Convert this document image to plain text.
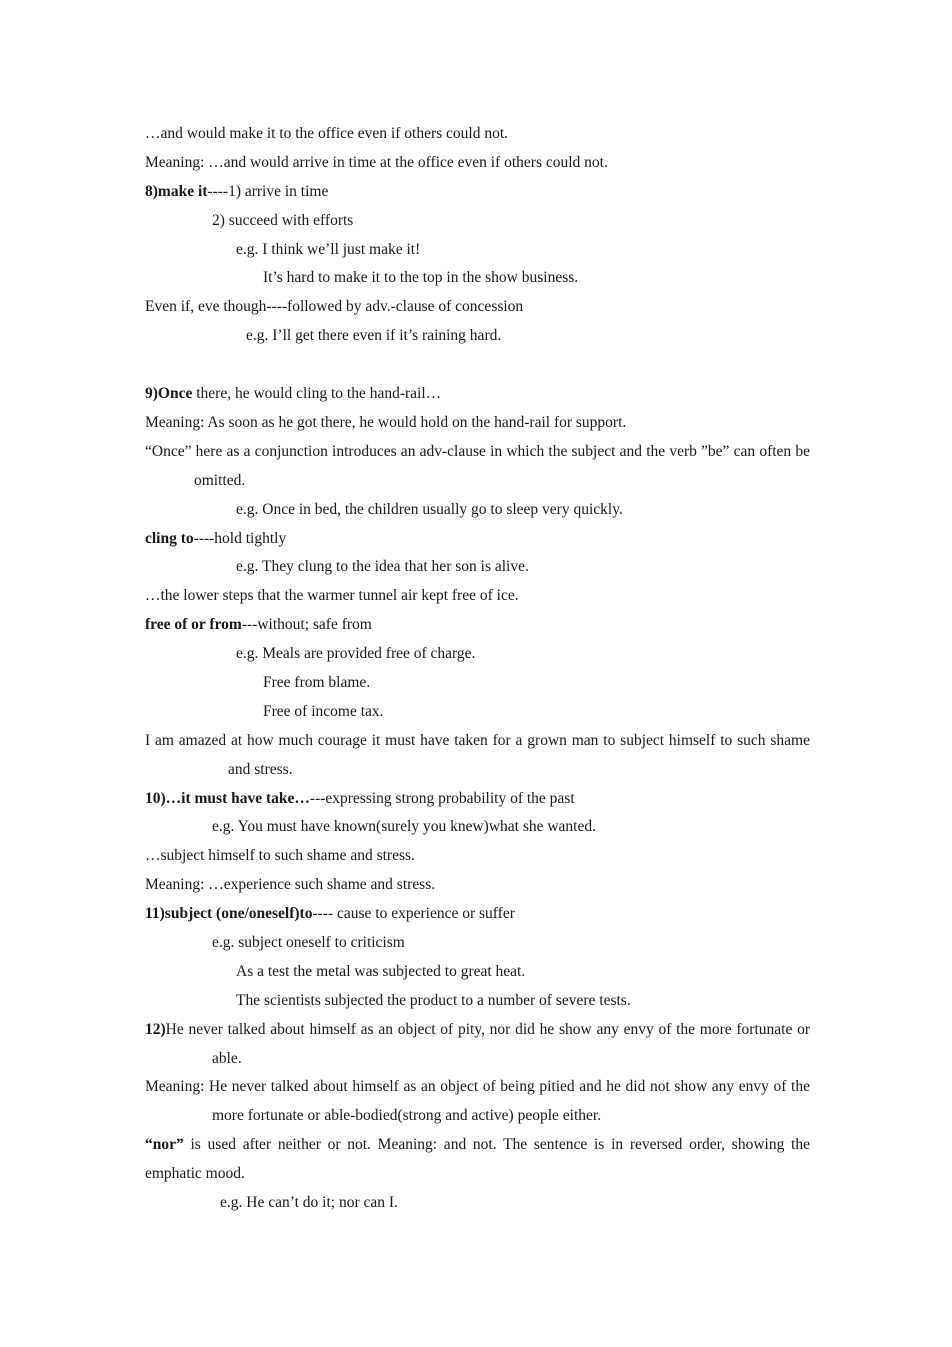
…and would make it to the office even if others could not.
Meaning: …and would arrive in time at the office even if others could not.
8)make it----1) arrive in time
2) succeed with efforts
e.g. I think we’ll just make it!
It’s hard to make it to the top in the show business.
Even if, eve though----followed by adv.-clause of concession
e.g. I’ll get there even if it’s raining hard.
9)Once there, he would cling to the hand-rail…
Meaning: As soon as he got there, he would hold on the hand-rail for support.
“Once” here as a conjunction introduces an adv-clause in which the subject and the verb ”be” can often be omitted.
e.g. Once in bed, the children usually go to sleep very quickly.
cling to----hold tightly
e.g. They clung to the idea that her son is alive.
…the lower steps that the warmer tunnel air kept free of ice.
free of or from---without; safe from
e.g. Meals are provided free of charge.
Free from blame.
Free of income tax.
I am amazed at how much courage it must have taken for a grown man to subject himself to such shame and stress.
10)…it must have take…---expressing strong probability of the past
e.g. You must have known(surely you knew)what she wanted.
…subject himself to such shame and stress.
Meaning: …experience such shame and stress.
11)subject (one/oneself)to---- cause to experience or suffer
e.g. subject oneself to criticism
As a test the metal was subjected to great heat.
The scientists subjected the product to a number of severe tests.
12)He never talked about himself as an object of pity, nor did he show any envy of the more fortunate or able.
Meaning: He never talked about himself as an object of being pitied and he did not show any envy of the more fortunate or able-bodied(strong and active) people either.
“nor” is used after neither or not. Meaning: and not. The sentence is in reversed order, showing the emphatic mood.
e.g. He can’t do it; nor can I.
